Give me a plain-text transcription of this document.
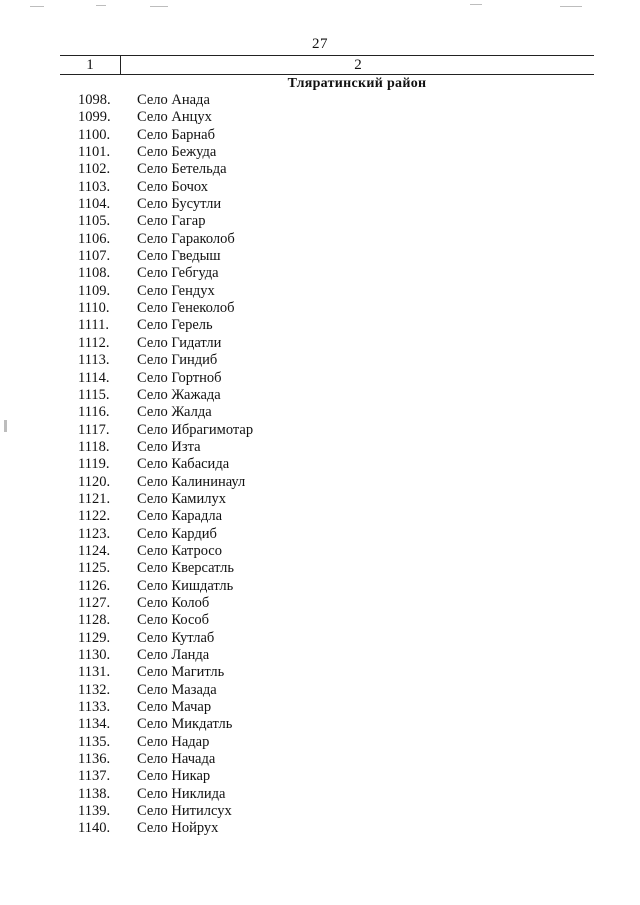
27
1	2
Тляратинский район
1098.	Село Анада
1099.	Село Анцух
1100.	Село Барнаб
1101.	Село Бежуда
1102.	Село Бетельда
1103.	Село Бочох
1104.	Село Бусутли
1105.	Село Гагар
1106.	Село Гараколоб
1107.	Село Гведыш
1108.	Село Гебгуда
1109.	Село Гендух
1110.	Село Генеколоб
1111.	Село Герель
1112.	Село Гидатли
1113.	Село Гиндиб
1114.	Село Гортноб
1115.	Село Жажада
1116.	Село Жалда
1117.	Село Ибрагимотар
1118.	Село Изта
1119.	Село Кабасида
1120.	Село Калининаул
1121.	Село Камилух
1122.	Село Карадла
1123.	Село Кардиб
1124.	Село Катросо
1125.	Село Кверсатль
1126.	Село Кишдатль
1127.	Село Колоб
1128.	Село Кособ
1129.	Село Кутлаб
1130.	Село Ланда
1131.	Село Магитль
1132.	Село Мазада
1133.	Село Мачар
1134.	Село Микдатль
1135.	Село Надар
1136.	Село Начада
1137.	Село Никар
1138.	Село Никлида
1139.	Село Нитилсух
1140.	Село Нойрух
